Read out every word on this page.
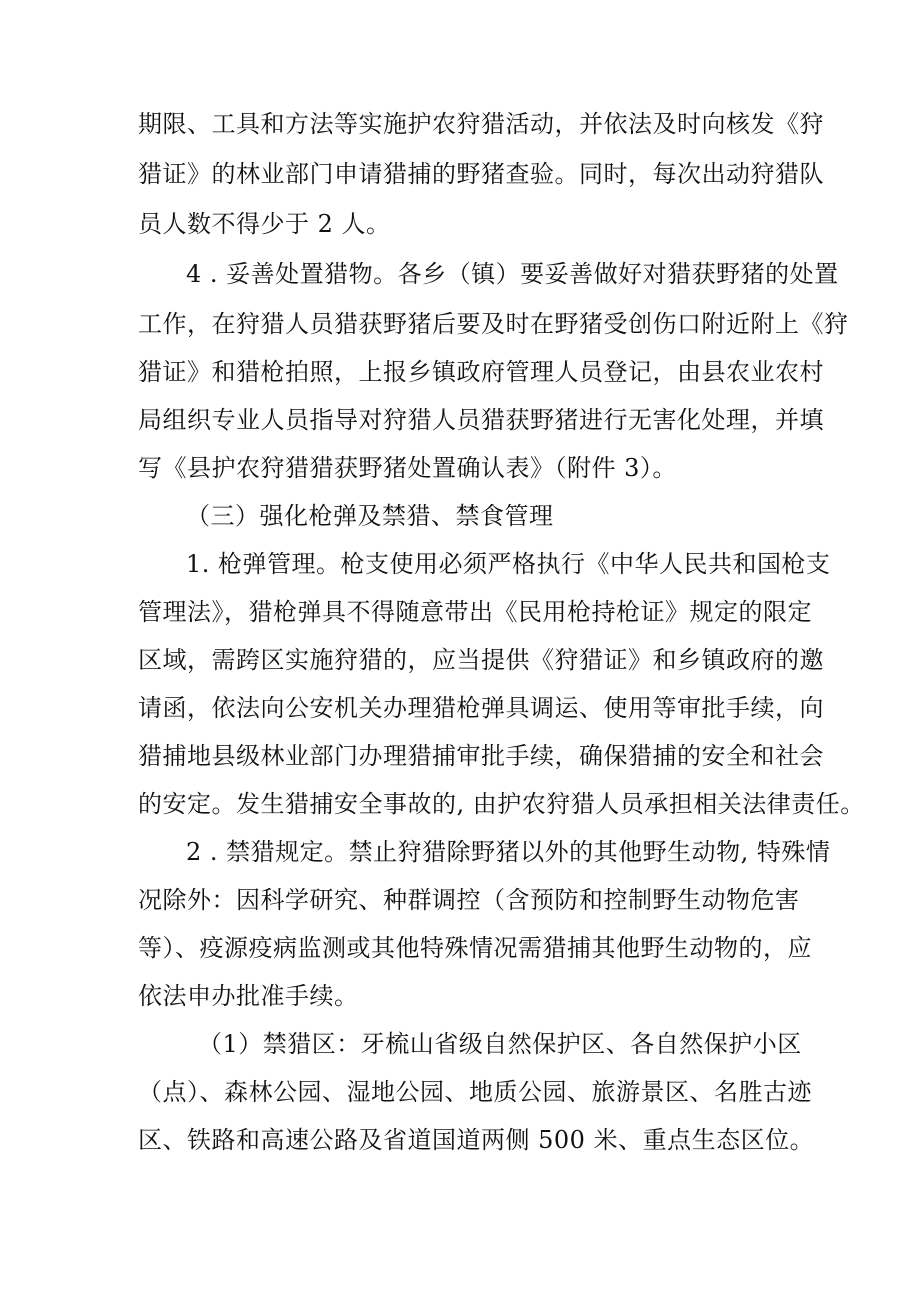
期限、工具和方法等实施护农狩猎活动，并依法及时向核发《狩
猎证》的林业部门申请猎捕的野猪查验。同时，每次出动狩猎队
员人数不得少于 2 人。
4 . 妥善处置猎物。各乡（镇）要妥善做好对猎获野猪的处置
工作，在狩猎人员猎获野猪后要及时在野猪受创伤口附近附上《狩
猎证》和猎枪拍照，上报乡镇政府管理人员登记，由县农业农村
局组织专业人员指导对狩猎人员猎获野猪进行无害化处理，并填
写《县护农狩猎猎获野猪处置确认表》（附件 3）。
（三）强化枪弹及禁猎、禁食管理
1. 枪弹管理。枪支使用必须严格执行《中华人民共和国枪支
管理法》，猎枪弹具不得随意带出《民用枪持枪证》规定的限定
区域，需跨区实施狩猎的，应当提供《狩猎证》和乡镇政府的邀
请函，依法向公安机关办理猎枪弹具调运、使用等审批手续，向
猎捕地县级林业部门办理猎捕审批手续，确保猎捕的安全和社会
的安定。发生猎捕安全事故的, 由护农狩猎人员承担相关法律责任。
2 . 禁猎规定。禁止狩猎除野猪以外的其他野生动物, 特殊情
况除外：因科学研究、种群调控（含预防和控制野生动物危害
等）、疫源疫病监测或其他特殊情况需猎捕其他野生动物的，应
依法申办批准手续。
（1）禁猎区：牙梳山省级自然保护区、各自然保护小区
（点）、森林公园、湿地公园、地质公园、旅游景区、名胜古迹
区、铁路和高速公路及省道国道两侧 500 米、重点生态区位。
